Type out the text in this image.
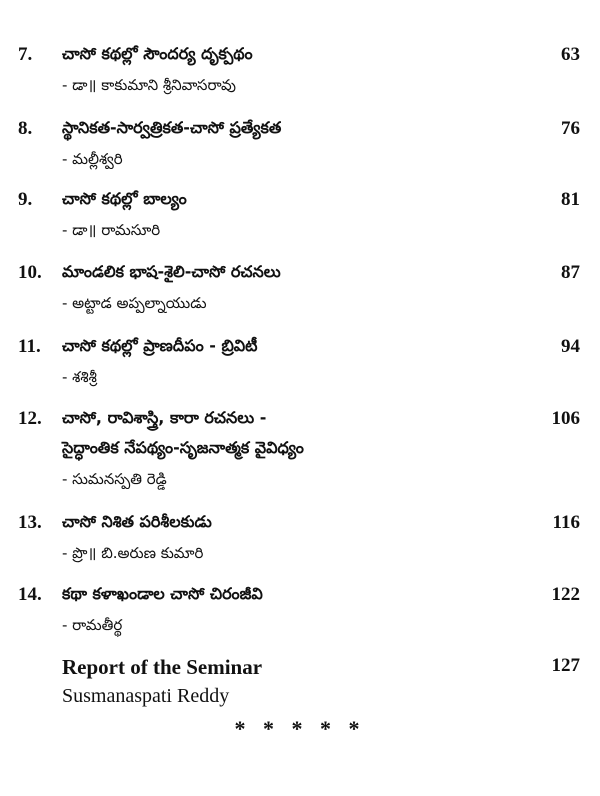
7. చాసో కథల్లో సౌందర్య దృక్పథం
- డా॥ కాకుమాని శ్రీనివాసరావు
63
8. స్థానికత-సార్వత్రికత-చాసో ప్రత్యేకత
- మల్లీశ్వరి
76
9. చాసో కథల్లో బాల్యం
- డా॥ రామసూరి
81
10. మాండలిక భాష-శైలి-చాసో రచనలు
- అట్టాడ అప్పల్నాయుడు
87
11. చాసో కథల్లో ప్రాణదీపం - బ్రివిటీ
- శశిశ్రీ
94
12. చాసో, రావిశాస్త్రి, కారా రచనలు -
సైద్ధాంతిక నేపథ్యం-సృజనాత్మక వైవిధ్యం
- సుమనస్పతి రెడ్డి
106
13. చాసో నిశిత పరిశీలకుడు
- ప్రొ॥ బి.అరుణ కుమారి
116
14. కథా కళాఖండాల చాసో చిరంజీవి
- రామతీర్థ
122
Report of the Seminar
Susmanaspati Reddy
127
* * * * *
